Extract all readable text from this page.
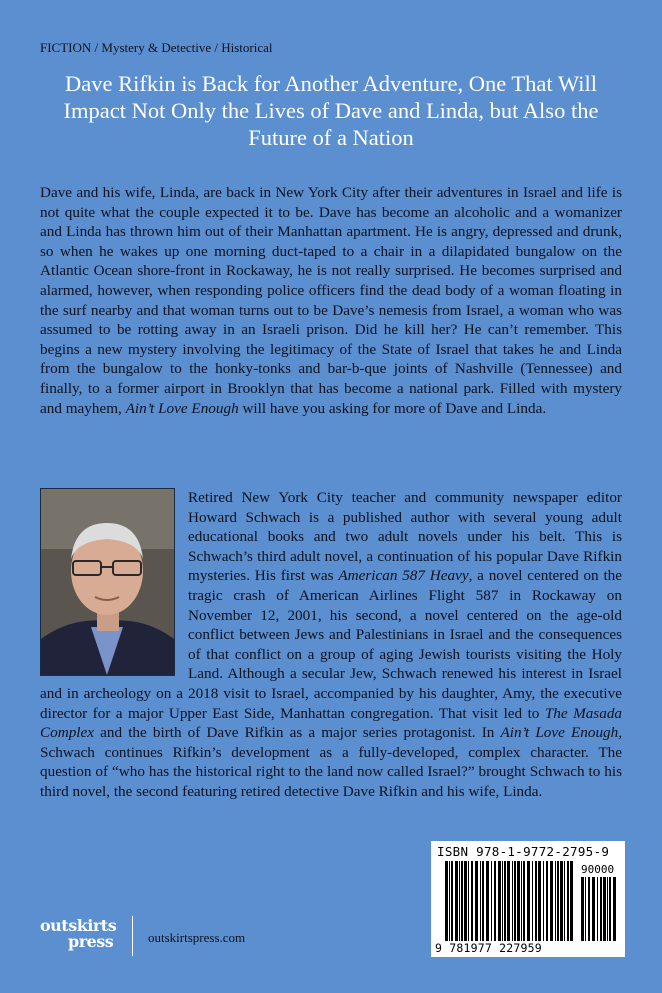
FICTION / Mystery & Detective / Historical
Dave Rifkin is Back for Another Adventure, One That Will Impact Not Only the Lives of Dave and Linda, but Also the Future of a Nation

Dave and his wife, Linda, are back in New York City after their adventures in Israel and life is not quite what the couple expected it to be. Dave has become an alcoholic and a womanizer and Linda has thrown him out of their Manhattan apartment. He is angry, depressed and drunk, so when he wakes up one morning duct-taped to a chair in a dilapidated bungalow on the Atlantic Ocean shore-front in Rockaway, he is not really surprised. He becomes surprised and alarmed, however, when responding police officers find the dead body of a woman floating in the surf nearby and that woman turns out to be Dave’s nemesis from Israel, a woman who was assumed to be rotting away in an Israeli prison. Did he kill her? He can’t remember. This begins a new mystery involving the legitimacy of the State of Israel that takes he and Linda from the bungalow to the honky-tonks and bar-b-que joints of Nashville (Tennessee) and finally, to a former airport in Brooklyn that has become a national park. Filled with mystery and mayhem, Ain’t Love Enough will have you asking for more of Dave and Linda.

Retired New York City teacher and community newspaper editor Howard Schwach is a published author with several young adult educational books and two adult novels under his belt. This is Schwach’s third adult novel, a continuation of his popular Dave Rifkin mysteries. His first was American 587 Heavy, a novel centered on the tragic crash of American Airlines Flight 587 in Rockaway on November 12, 2001, his second, a novel centered on the age-old conflict between Jews and Palestinians in Israel and the consequences of that conflict on a group of aging Jewish tourists visiting the Holy Land. Although a secular Jew, Schwach renewed his interest in Israel and in archeology on a 2018 visit to Israel, accompanied by his daughter, Amy, the executive director for a major Upper East Side, Manhattan congregation. That visit led to The Masada Complex and the birth of Dave Rifkin as a major series protagonist. In Ain’t Love Enough, Schwach continues Rifkin’s development as a fully-developed, complex character. The question of “who has the historical right to the land now called Israel?” brought Schwach to his third novel, the second featuring retired detective Dave Rifkin and his wife, Linda.

ISBN 978-1-9772-2795-9
90000
9 781977 227959
outskirts
press	outskirtspress.com
